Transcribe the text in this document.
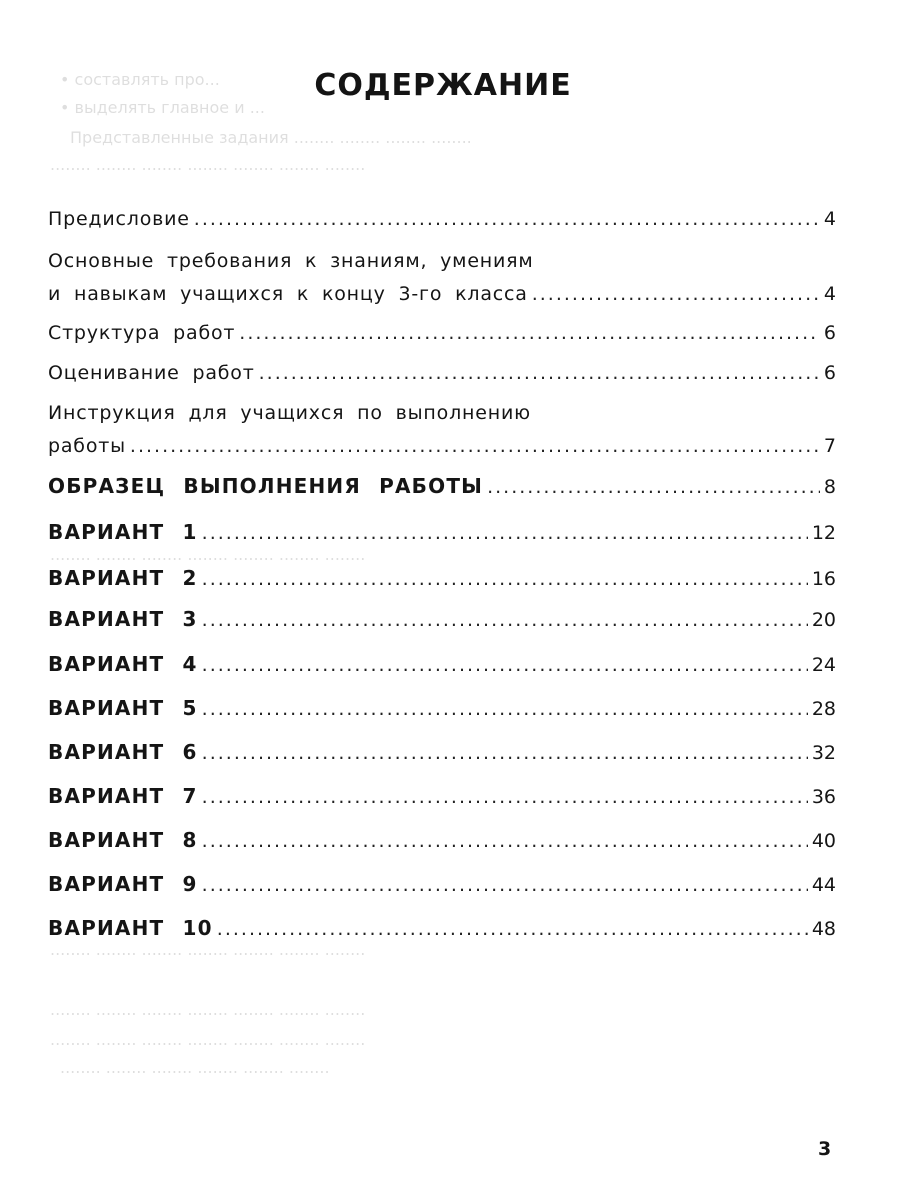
• составлять про...
• выделять главное и ...
Представленные задания ........ ........ ........ ........
........ ........ ........ ........ ........ ........ ........
........ ........ ........ ........ ........ ........ ........
........ ........ ........ ........ ........ ........ ........
........ ........ ........ ........ ........ ........ ........
........ ........ ........ ........ ........ ........ ........
........ ........ ........ ........ ........ ........
СОДЕРЖАНИЕ
Предисловие .....	4
Основные требования к знаниям, умениям
и навыкам учащихся к концу 3-го класса .....	4
Структура работ .....	6
Оценивание работ .....	6
Инструкция для учащихся по выполнению
работы .....	7
ОБРАЗЕЦ ВЫПОЛНЕНИЯ РАБОТЫ .....	8
ВАРИАНТ 1 .....	12
ВАРИАНТ 2 .....	16
ВАРИАНТ 3 .....	20
ВАРИАНТ 4 .....	24
ВАРИАНТ 5 .....	28
ВАРИАНТ 6 .....	32
ВАРИАНТ 7 .....	36
ВАРИАНТ 8 .....	40
ВАРИАНТ 9 .....	44
ВАРИАНТ 10 .....	48
3
